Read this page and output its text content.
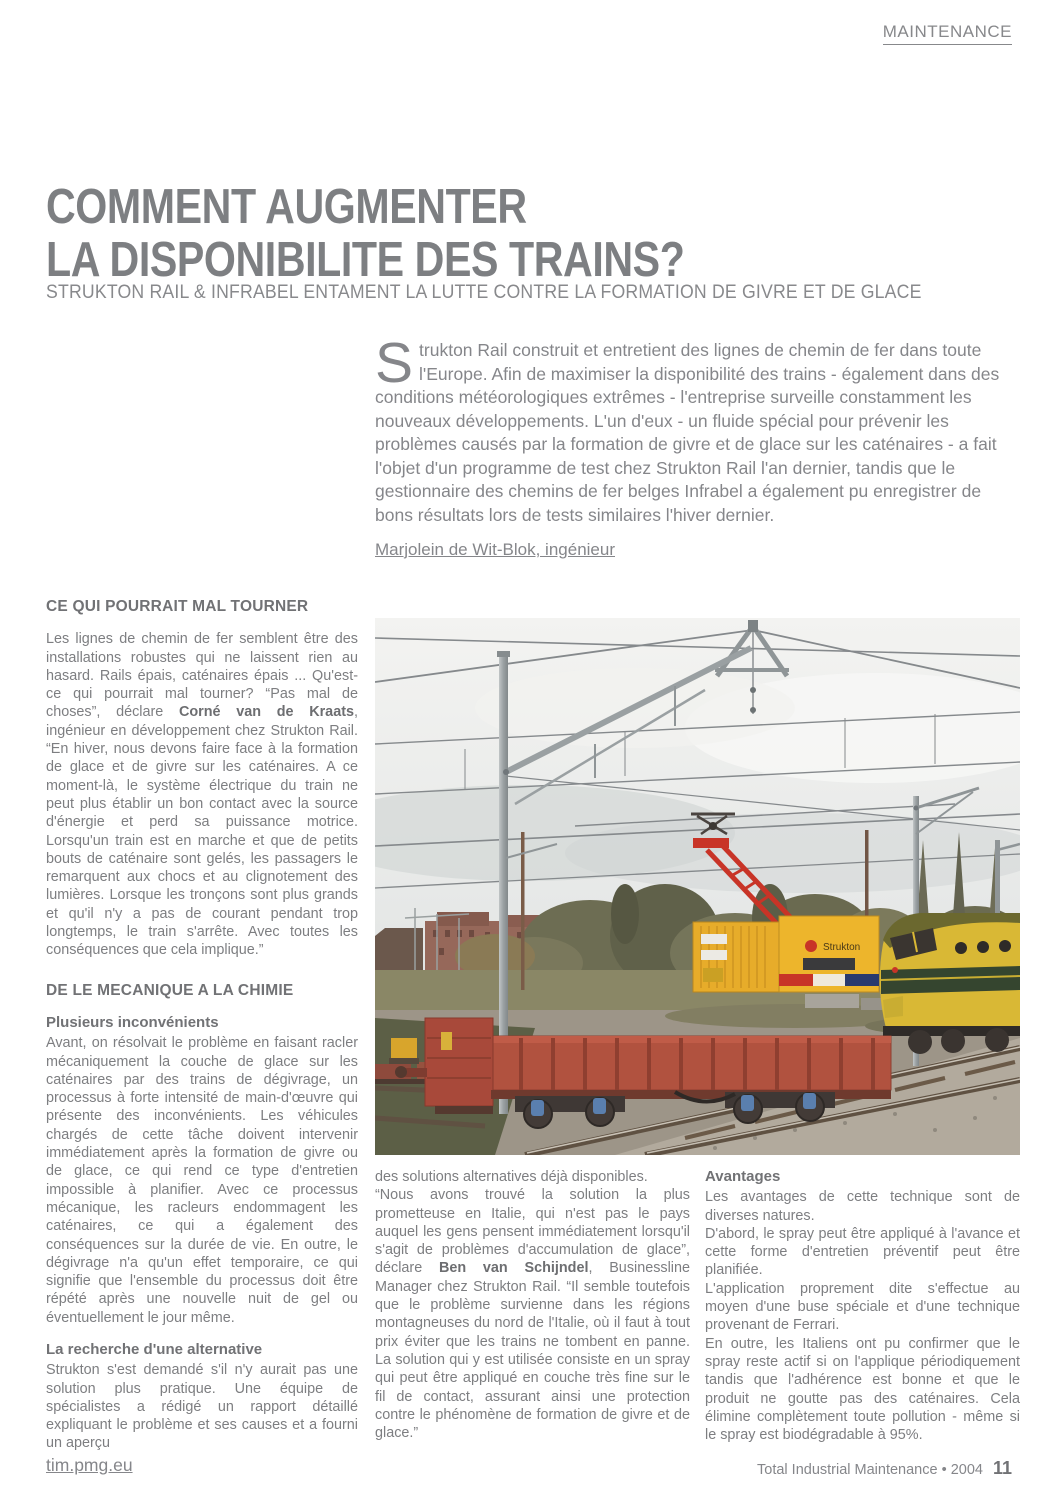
MAINTENANCE
COMMENT AUGMENTER
LA DISPONIBILITE DES TRAINS?
STRUKTON RAIL & INFRABEL ENTAMENT LA LUTTE CONTRE LA FORMATION DE GIVRE ET DE GLACE
Strukton Rail construit et entretient des lignes de chemin de fer dans toute l'Europe. Afin de maximiser la disponibilité des trains - également dans des conditions météorologiques extrêmes - l'entreprise surveille constamment les nouveaux développements. L'un d'eux - un fluide spécial pour prévenir les problèmes causés par la formation de givre et de glace sur les caténaires - a fait l'objet d'un programme de test chez Strukton Rail l'an dernier, tandis que le gestionnaire des chemins de fer belges Infrabel a également pu enregistrer de bons résultats lors de tests similaires l'hiver dernier.
Marjolein de Wit-Blok, ingénieur
CE QUI POURRAIT MAL TOURNER

Les lignes de chemin de fer semblent être des installations robustes qui ne laissent rien au hasard. Rails épais, caténaires épais ... Qu'est-ce qui pourrait mal tourner? “Pas mal de choses”, déclare Corné van de Kraats, ingénieur en développement chez Strukton Rail. “En hiver, nous devons faire face à la formation de glace et de givre sur les caténaires. A ce moment-là, le système électrique du train ne peut plus établir un bon contact avec la source d'énergie et perd sa puissance motrice. Lorsqu'un train est en marche et que de petits bouts de caténaire sont gelés, les passagers le remarquent aux chocs et au clignotement des lumières. Lorsque les tronçons sont plus grands et qu'il n'y a pas de courant pendant trop longtemps, le train s'arrête. Avec toutes les conséquences que cela implique.”

DE LE MECANIQUE A LA CHIMIE
Plusieurs inconvénients

Avant, on résolvait le problème en faisant racler mécaniquement la couche de glace sur les caténaires par des trains de dégivrage, un processus à forte intensité de main-d'œuvre qui présente des inconvénients. Les véhicules chargés de cette tâche doivent intervenir immédiatement après la formation de givre ou de glace, ce qui rend ce type d'entretien impossible à planifier. Avec ce processus mécanique, les racleurs endommagent les caténaires, ce qui a également des conséquences sur la durée de vie. En outre, le dégivrage n'a qu'un effet temporaire, ce qui signifie que l'ensemble du processus doit être répété après une nouvelle nuit de gel ou éventuellement le jour même.

La recherche d'une alternative

Strukton s'est demandé s'il n'y aurait pas une solution plus pratique. Une équipe de spécialistes a rédigé un rapport détaillé expliquant le problème et ses causes et a fourni un aperçu

Strukton

des solutions alternatives déjà disponibles.

“Nous avons trouvé la solution la plus prometteuse en Italie, qui n'est pas le pays auquel les gens pensent immédiatement lorsqu'il s'agit de problèmes d'accumulation de glace”, déclare Ben van Schijndel, Businessline Manager chez Strukton Rail. “Il semble toutefois que le problème survienne dans les régions montagneuses du nord de l'Italie, où il faut à tout prix éviter que les trains ne tombent en panne. La solution qui y est utilisée consiste en un spray qui peut être appliqué en couche très fine sur le fil de contact, assurant ainsi une protection contre le phénomène de formation de givre et de glace.”

Avantages

Les avantages de cette technique sont de diverses natures.

D'abord, le spray peut être appliqué à l'avance et cette forme d'entretien préventif peut être planifiée.

L'application proprement dite s'effectue au moyen d'une buse spéciale et d'une technique provenant de Ferrari.

En outre, les Italiens ont pu confirmer que le spray reste actif si on l'applique périodiquement tandis que l'adhérence est bonne et que le produit ne goutte pas des caténaires. Cela élimine complètement toute pollution - même si le spray est biodégradable à 95%.

tim.pmg.eu	Total Industrial Maintenance • 2004 11
